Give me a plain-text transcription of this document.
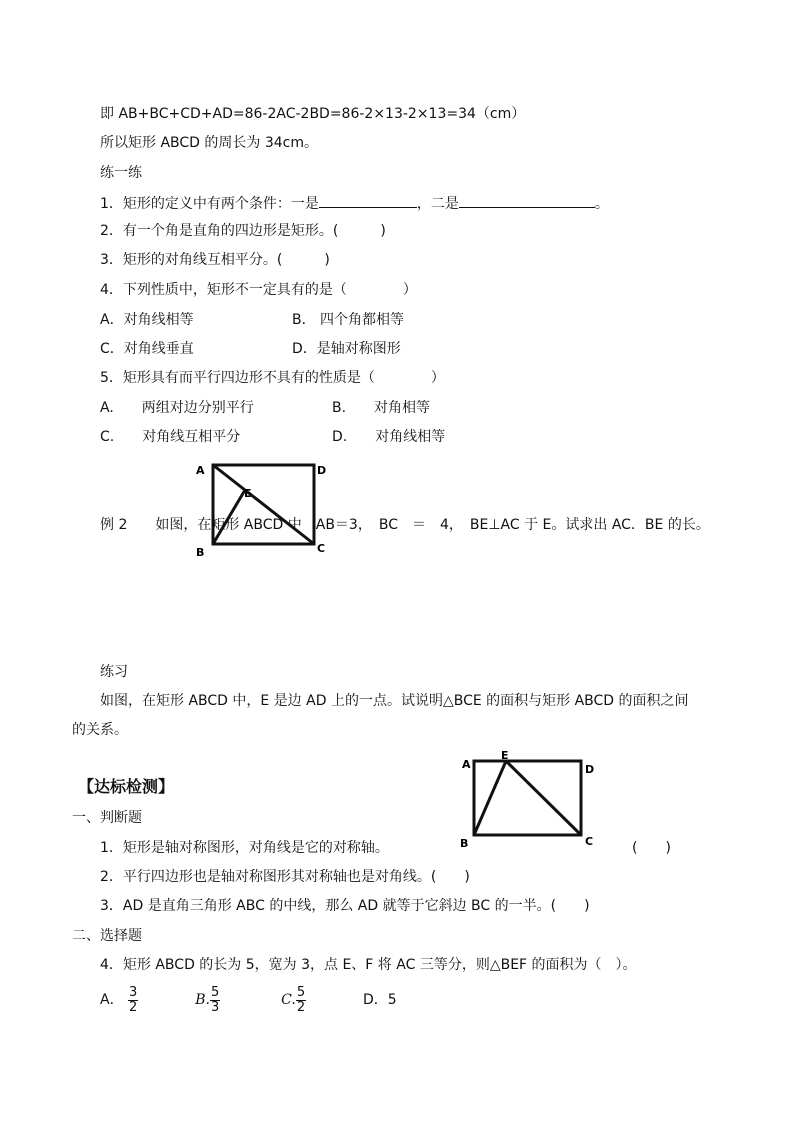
即 AB+BC+CD+AD=86-2AC-2BD=86-2×13-2×13=34（cm）
所以矩形 ABCD 的周长为 34cm。
练一练
1．矩形的定义中有两个条件：一是	，二是	。
2．有一个角是直角的四边形是矩形。(　　　)
3．矩形的对角线互相平分。(　　　)
4．下列性质中，矩形不一定具有的是（　　　　）
A．对角线相等	B． 四个角都相等
C．对角线垂直	D．是轴对称图形
5．矩形具有而平行四边形不具有的性质是（　　　　）
A.　　两组对边分别平行	B.　　对角相等
C.　　对角线互相平分	D.　　对角线相等
例 2　　如图，在矩形 ABCD 中　AB＝3，　BC　＝　4，　BE⊥AC 于 E。试求出 AC．BE 的长。
A	D
E
B	C
练习
如图，在矩形 ABCD 中，E 是边 AD 上的一点。试说明△BCE 的面积与矩形 ABCD 的面积之间
的关系。
A
E
D
B	C
【达标检测】
一、判断题
1．矩形是轴对称图形，对角线是它的对称轴。	(　　)
2．平行四边形也是轴对称图形其对称轴也是对角线。(　　)
3．AD 是直角三角形 ABC 的中线，那么 AD 就等于它斜边 BC 的一半。(　　)
二、选择题
4．矩形 ABCD 的长为 5，宽为 3，点 E、F 将 AC 三等分，则△BEF 的面积为（　）。
A． $\frac{3}{2}$	B. $\frac{5}{3}$	C. $\frac{5}{2}$	D．5
